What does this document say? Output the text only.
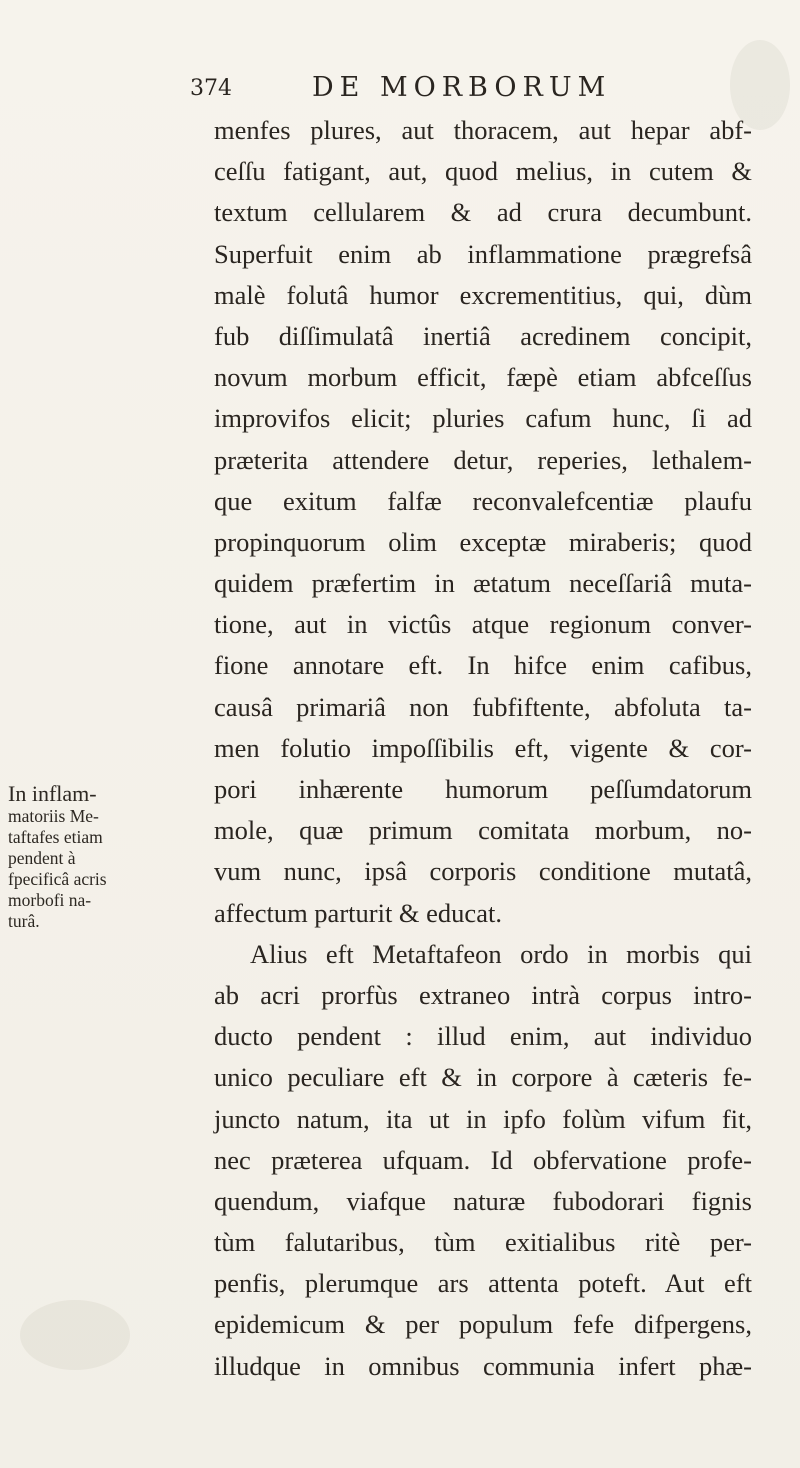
374	DE MORBORUM
menfes plures, aut thoracem, aut hepar abf-
ceſſu fatigant, aut, quod melius, in cutem &
textum cellularem & ad crura decumbunt.
Superfuit enim ab inflammatione prægrefsâ
malè folutâ humor excrementitius, qui, dùm
fub diſſimulatâ inertiâ acredinem concipit,
novum morbum efficit, fæpè etiam abfceſſus
improvifos elicit; pluries cafum hunc, ſi ad
præterita attendere detur, reperies, lethalem-
que exitum falfæ reconvalefcentiæ plaufu
propinquorum olim exceptæ miraberis; quod
quidem præfertim in ætatum neceſſariâ muta-
tione, aut in victûs atque regionum conver-
fione annotare eft. In hifce enim cafibus,
causâ primariâ non fubfiftente, abfoluta ta-
men folutio impoſſibilis eft, vigente & cor-
pori inhærente humorum peſſumdatorum
mole, quæ primum comitata morbum, no-
vum nunc, ipsâ corporis conditione mutatâ,
affectum parturit & educat.
Alius eft Metaftafeon ordo in morbis qui
ab acri prorfùs extraneo intrà corpus intro-
ductо pendent : illud enim, aut individuo
unico peculiare eft & in corpore à cæteris fe-
junctо natum, ita ut in ipfo folùm vifum fit,
nec præterea ufquam. Id obfervatione profe-
quendum, viafque naturæ fubodorari fignis
tùm falutaribus, tùm exitialibus ritè per-
penfis, plerumque ars attenta poteft. Aut eft
epidemicum & per populum fefe difpergens,
illudque in omnibus communia infert phæ-
In inflam-
matoriis Me-
taftafes etiam
pendent à
fpecificâ acris
morbofi na-
turâ.
